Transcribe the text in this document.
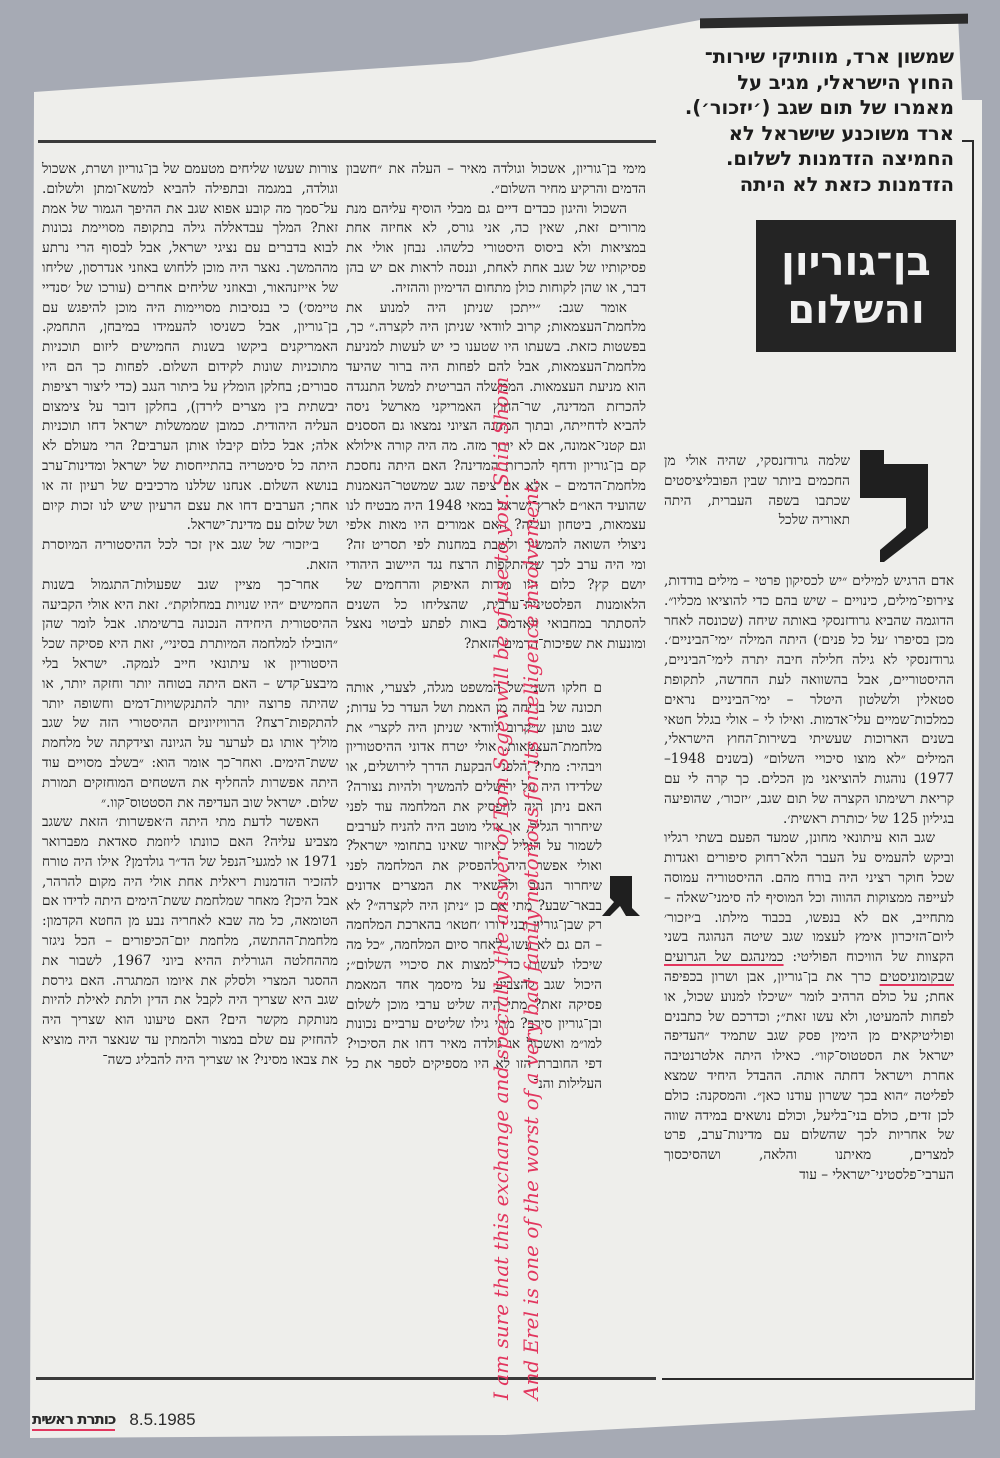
שמשון ארד, מוותיקי שירות־
החוץ הישראלי, מגיב על
מאמרו של תום שגב (׳יזכור׳).
ארד משוכנע שישראל לא
החמיצה הזדמנות לשלום.
הזדמנות כזאת לא היתה
בן־גוריון
והשלום
שלמה גרודזנסקי, שהיה אולי מן החכמים ביותר שבין הפובליציסטים שכתבו בשפה העברית, היתה תאוריה שלכל

אדם הרגיש למילים ״יש לכסיקון פרטי – מילים בודדות, צירופי־מילים, כינויים – שיש בהם כדי להוציאו מכליו״. הדוגמה שהביא גרודזנסקי באותה שיחה (שכונסה לאחר מכן בסיפרו ׳על כל פנים׳) היתה המילה ׳ימי־הביניים׳. גרודזנסקי לא גילה חלילה חיבה יתרה לימי־הביניים, ההיסטוריים, אבל בהשוואה לעת החדשה, לתקופת סטאלין ולשלטון היטלר – ימי־הביניים נראים כמלכות־שמיים עלי־אדמות. ואילו לי – אולי בגלל חטאי בשנים הארוכות שעשיתי בשירות־החוץ הישראלי, המילים ״לא מוצו סיכויי השלום״ (בשנים 1948–1977) נוהגות להוציאני מן הכלים. כך קרה לי עם קריאת רשימתו הקצרה של תום שגב, ׳יזכור׳, שהופיעה בגיליון 125 של ׳כותרת ראשית׳.

שגב הוא עיתונאי מחונן, שמעד הפעם בשתי רגליו וביקש להעמיס על העבר הלא־רחוק סיפורים ואגדות שכל חוקר רציני היה בורח מהם. ההיסטוריה עמוסה לעייפה ממצוקות ההווה וכל המוסיף לה סימני־שאלה – מתחייב, אם לא בנפשו, בכבוד מילתו. ב׳יזכור׳ ליום־הזיכרון אימץ לעצמו שגב שיטה הנהוגה בשני הקצוות של הוויכוח הפוליטי: כמינהגם של הגרועים שבקומוניסטים כרך את בן־גוריון, אבן ושרון בכפיפה אחת; על כולם הרהיב לומר ״שיכלו למנוע שכול, או לפחות להמעיטו, ולא עשו זאת״; וכדרכם של כתבנים ופוליטיקאים מן הימין פסק שגב שתמיד ״העדיפה ישראל את הסטטוס־קוו״. כאילו היתה אלטרנטיבה אחרת וישראל דחתה אותה. ההבדל היחיד שמצא לפליטה ״הוא בכך ששרון עודנו כאן״. והמסקנה: כולם לכן זדים, כולם בני־בליעל, וכולם נושאים במידה שווה של אחריות לכך שהשלום עם מדינות־ערב, פרט למצרים, מאיתנו והלאה, ושהסיכסוך הערבי־פלסטיני־ישראלי – עוד

מימי בן־גוריון, אשכול וגולדה מאיר – העלה את ״חשבון הדמים והרקיע מחיר השלום״.

השכול והיגון כבדים דיים גם מבלי הוסיף עליהם מנת מרורים זאת, שאין כה, אני גורס, לא אחיזה אחת במציאות ולא ביסוס היסטורי כלשהו. נבחן אולי את פסיקותיו של שגב אחת לאחת, וננסה לראות אם יש בהן דבר, או שהן לקוחות כולן מתחום הדימיון וההזיה.

אומר שגב: ״ייתכן שניתן היה למנוע את מלחמת־העצמאות; קרוב לוודאי שניתן היה לקצרה.״ כך, בפשטות כזאת. בשעתו היו שטענו כי יש לעשות למניעת מלחמת־העצמאות, אבל להם לפחות היה ברור שהיעד הוא מניעת העצמאות. הממשלה הבריטית למשל התנגדה להכרזת המדינה, שר־החוץ האמריקני מארשל ניסה להביא לדחייתה, ובתוך המחנה הציוני נמצאו גם הססנים וגם קטני־אמונה, אם לא יותר מזה. מה היה קורה אילולא קם בן־גוריון ודחף להכרזת המדינה? האם היתה נחסכת מלחמת־הדמים – אלא אם ציפה שגב שמשטר־הנאמנות שהועיד האו״ם לארץ־ישראל במאי 1948 היה מבטיח לנו עצמאות, ביטחון ועליה? האם אמורים היו מאות אלפי ניצולי השואה להמשיך ולשבת במחנות לפי תסריט זה? ומי היה ערב לכך שלהתקפות הרצח נגד היישוב היהודי יושם קץ? כלום היו מידות האיפוק והרחמים של הלאומנות הפלסטינית־ערבית, שהצליחו כל השנים להסתתר במחבואי האדמה, באות לפתע לביטוי נאצל ומונעות את שפיכות־הדמים הזאת?

ם חלקו השני של המשפט מגלה, לצערי, אותה תכונה של בריחה מן האמת ושל העדר כל עדות; שגב טוען ש״קרוב לוודאי שניתן היה לקצר״ את מלחמת־העצמאות. אולי יטרח אדוני ההיסטוריון ויבהיר: מתי? הלפני הבקעת הדרך לירושלים, או שלדידו היה על ירושלים להמשיך ולהיות נצורה? האם ניתן היה להפסיק את המלחמה עוד לפני שיחרור הגליל, או אולי מוטב היה להניח לערבים לשמור על הגליל כאיזור שאינו בתחומי ישראל? ואולי אפשר היה להפסיק את המלחמה לפני שיחרור הנגב ולהשאיר את המצרים אדונים בבאר־שבע? מתי אם כן ״ניתן היה לקצרה״? לא רק שבן־גוריון ובני דורו ׳חטאו׳ בהארכת המלחמה – הם גם לא עשו, לאחר סיום המלחמה, ״כל מה שיכלו לעשות כדי למצות את סיכויי השלום״; היכול שגב להצביע על מיסמך אחד המאמת פסיקה זאת? מתי היה שליט ערבי מוכן לשלום ובן־גוריון סירב? מתי גילו שליטים ערביים נכונות למו״מ ואשכול או גולדה מאיר דחו את הסיכוי? דפי החוברת הזו לא היו מספיקים לספר את כל העלילות והנ־

צורות שעשו שליחים מטעמם של בן־גוריון ושרת, אשכול וגולדה, במגמה ובתפילה להביא למשא־ומתן ולשלום. על־סמך מה קובע אפוא שגב את ההיפך הגמור של אמת זאת? המלך עבדאללה גילה בתקופה מסויימת נכונות לבוא בדברים עם נציגי ישראל, אבל לבסוף הרי נרתע מההמשך. נאצר היה מוכן ללחוש באוזני אנדרסון, שליחו של אייזנהאור, ובאוזני שליחים אחרים (עורכו של ׳סנדיי טיימס׳) כי בנסיבות מסויימות היה מוכן להיפגש עם בן־גוריון, אבל כשניסו להעמידו במיבחן, התחמק. האמריקנים ביקשו בשנות החמישים ליזום תוכניות מתוכניות שונות לקידום השלום. לפחות כך הם היו סבורים; בחלקן הומלץ על ביתור הנגב (כדי ליצור רציפות יבשתית בין מצרים לירדן), בחלקן דובר על צימצום העליה היהודית. כמובן שממשלות ישראל דחו תוכניות אלה; אבל כלום קיבלו אותן הערבים? הרי מעולם לא היתה כל סימטריה בהתייחסות של ישראל ומדינות־ערב בנושא השלום. אנחנו שללנו מרכיבים של רעיון זה או אחר; הערבים דחו את עצם הרעיון שיש לנו זכות קיום ושל שלום עם מדינת־ישראל.

ב׳יזכור׳ של שגב אין זכר לכל ההיסטוריה המיוסרת הזאת.

אחר־כך מציין שגב שפעולות־התגמול בשנות החמישים ״היו שנויות במחלוקת״. זאת היא אולי הקביעה ההיסטורית היחידה הנכונה ברשימתו. אבל לומר שהן ״הובילו למלחמה המיותרת בסיני״, זאת היא פסיקה שכל היסטוריון או עיתונאי חייב לנמקה. ישראל בלי מיבצע־קדש – האם היתה בטוחה יותר וחזקה יותר, או שהיתה פרוצה יותר להתנקשויות־דמים וחשופה יותר להתקפות־רצח? הרוויזיוניזם ההיסטורי הזה של שגב מוליך אותו גם לערער על הגיונה וצידקתה של מלחמת ששת־הימים. ואחר־כך אומר הוא: ״בשלב מסויים עוד היתה אפשרות להחליף את השטחים המוחזקים תמורת שלום. ישראל שוב העדיפה את הסטטוס־קוו.״

האפשר לדעת מתי היתה ה׳אפשרות׳ הזאת ששגב מצביע עליה? האם כוונתו ליוזמת סאדאת מפברואר 1971 או למגעי־הנפל של הד״ר גולדמן? אילו היה טורח להזכיר הזדמנות ריאלית אחת אולי היה מקום להרהר, אבל היכן? מאחר שמלחמת ששת־הימים היתה לדידו אם הטומאה, כל מה שבא לאחריה נבע מן החטא הקדמון: מלחמת־ההתשה, מלחמת יום־הכיפורים – הכל ניגזר מההחלטה הגורלית ההיא ביוני 1967, לשבור את ההסגר המצרי ולסלק את איומו המתגרה. האם גירסת שגב היא שצריך היה לקבל את הדין ולתת לאילת להיות מנותקת מקשר הים? האם טיעונו הוא שצריך היה להחזיק עם שלם במצור ולהמתין עד שנאצר היה מוציא את צבאו מסיני? או שצריך היה להבליג כשה־	I am sure that this exchange and specially the answer of Tom Segev will be of use to you. Shin Shom And Erel is one of the worst of a very bad family notorious for its intelligence involvement.
כותרת ראשית 8.5.1985
